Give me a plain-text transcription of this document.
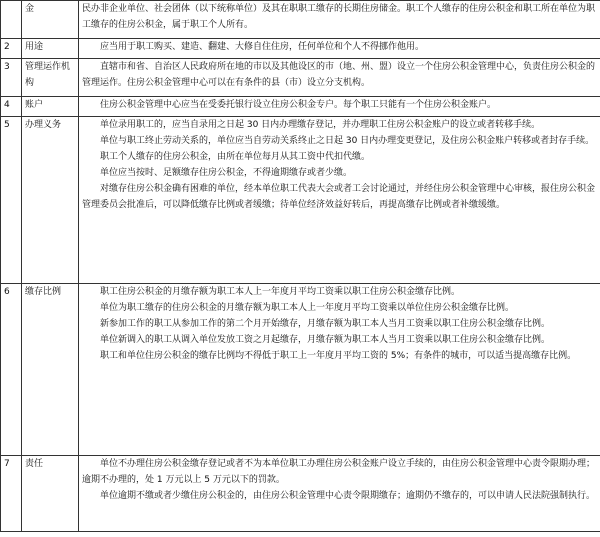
	金	民办非企业单位、社会团体（以下统称单位）及其在职职工缴存的长期住房储金。职工个人缴存的住房公积金和职工所在单位为职工缴存的住房公积金，属于职工个人所有。

2	用途	应当用于职工购买、建造、翻建、大修自住住房，任何单位和个人不得挪作他用。

3	管理运作机构	直辖市和省、自治区人民政府所在地的市以及其他设区的市（地、州、盟）设立一个住房公积金管理中心，负责住房公积金的管理运作。住房公积金管理中心可以在有条件的县（市）设立分支机构。

4	账户	住房公积金管理中心应当在受委托银行设立住房公积金专户。每个职工只能有一个住房公积金账户。

5	办理义务	单位录用职工的，应当自录用之日起 30 日内办理缴存登记，并办理职工住房公积金账户的设立或者转移手续。
单位与职工终止劳动关系的，单位应当自劳动关系终止之日起 30 日内办理变更登记，及住房公积金账户转移或者封存手续。
职工个人缴存的住房公积金，由所在单位每月从其工资中代扣代缴。
单位应当按时、足额缴存住房公积金，不得逾期缴存或者少缴。
对缴存住房公积金确有困难的单位，经本单位职工代表大会或者工会讨论通过，并经住房公积金管理中心审核，报住房公积金管理委员会批准后，可以降低缴存比例或者缓缴；待单位经济效益好转后，再提高缴存比例或者补缴缓缴。

6	缴存比例	职工住房公积金的月缴存额为职工本人上一年度月平均工资乘以职工住房公积金缴存比例。
单位为职工缴存的住房公积金的月缴存额为职工本人上一年度月平均工资乘以单位住房公积金缴存比例。
新参加工作的职工从参加工作的第二个月开始缴存，月缴存额为职工本人当月工资乘以职工住房公积金缴存比例。
单位新调入的职工从调入单位发放工资之月起缴存，月缴存额为职工本人当月工资乘以职工住房公积金缴存比例。
职工和单位住房公积金的缴存比例均不得低于职工上一年度月平均工资的 5%；有条件的城市，可以适当提高缴存比例。

7	责任	单位不办理住房公积金缴存登记或者不为本单位职工办理住房公积金账户设立手续的，由住房公积金管理中心责令限期办理；逾期不办理的，处 1 万元以上 5 万元以下的罚款。
单位逾期不缴或者少缴住房公积金的，由住房公积金管理中心责令限期缴存；逾期仍不缴存的，可以申请人民法院强制执行。
